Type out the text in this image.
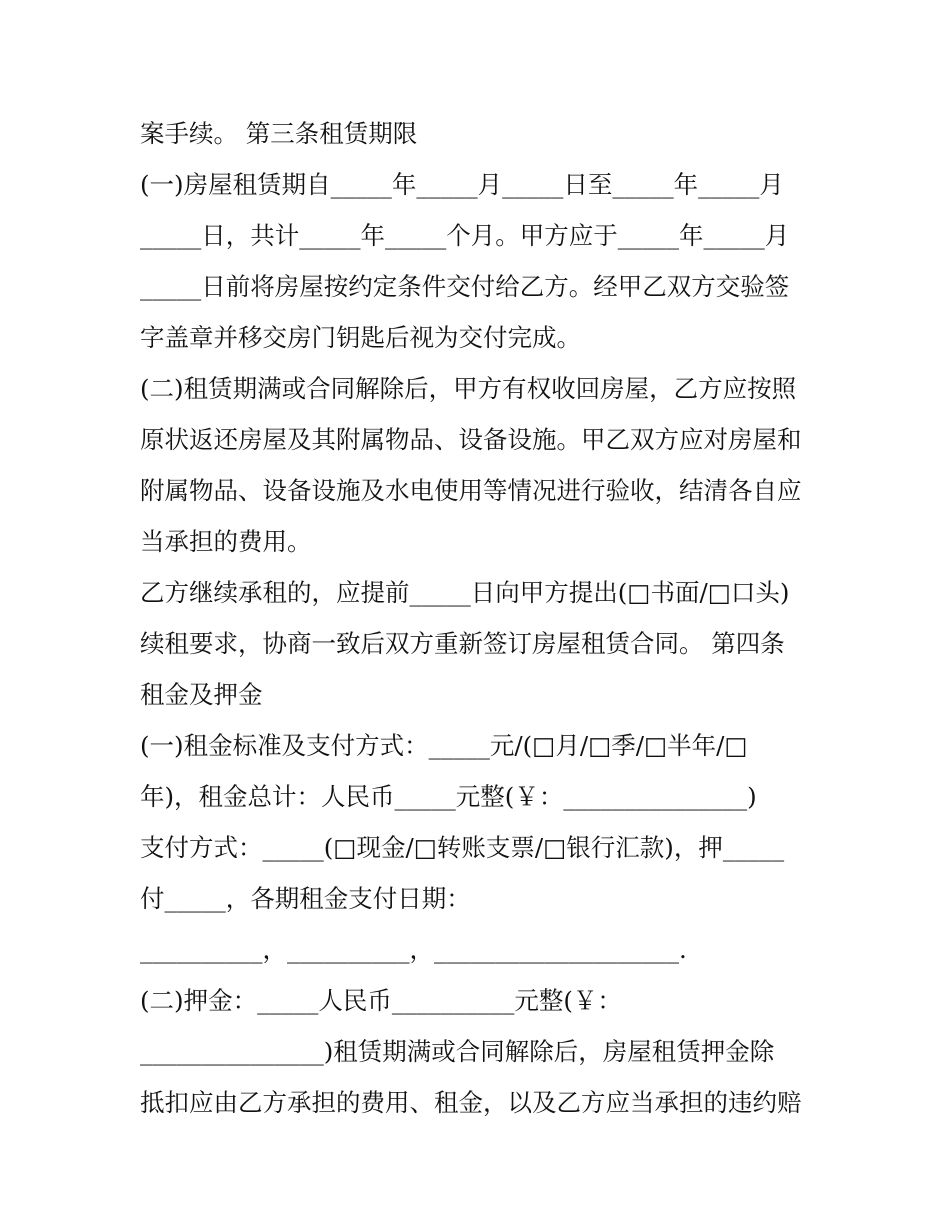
案手续。 第三条租赁期限
(一)房屋租赁期自_____年_____月_____日至_____年_____月
_____日，共计_____年_____个月。甲方应于_____年_____月
_____日前将房屋按约定条件交付给乙方。经甲乙双方交验签
字盖章并移交房门钥匙后视为交付完成。
(二)租赁期满或合同解除后，甲方有权收回房屋，乙方应按照
原状返还房屋及其附属物品、设备设施。甲乙双方应对房屋和
附属物品、设备设施及水电使用等情况进行验收，结清各自应
当承担的费用。
乙方继续承租的，应提前_____日向甲方提出(□书面/□口头)
续租要求，协商一致后双方重新签订房屋租赁合同。 第四条
租金及押金
(一)租金标准及支付方式：_____元/(□月/□季/□半年/□
年)，租金总计：人民币_____元整(￥：_______________)
支付方式：_____(□现金/□转账支票/□银行汇款)，押_____
付_____，各期租金支付日期：
__________，__________，____________________.
(二)押金：_____人民币__________元整(￥：
_______________)租赁期满或合同解除后，房屋租赁押金除
抵扣应由乙方承担的费用、租金，以及乙方应当承担的违约赔
